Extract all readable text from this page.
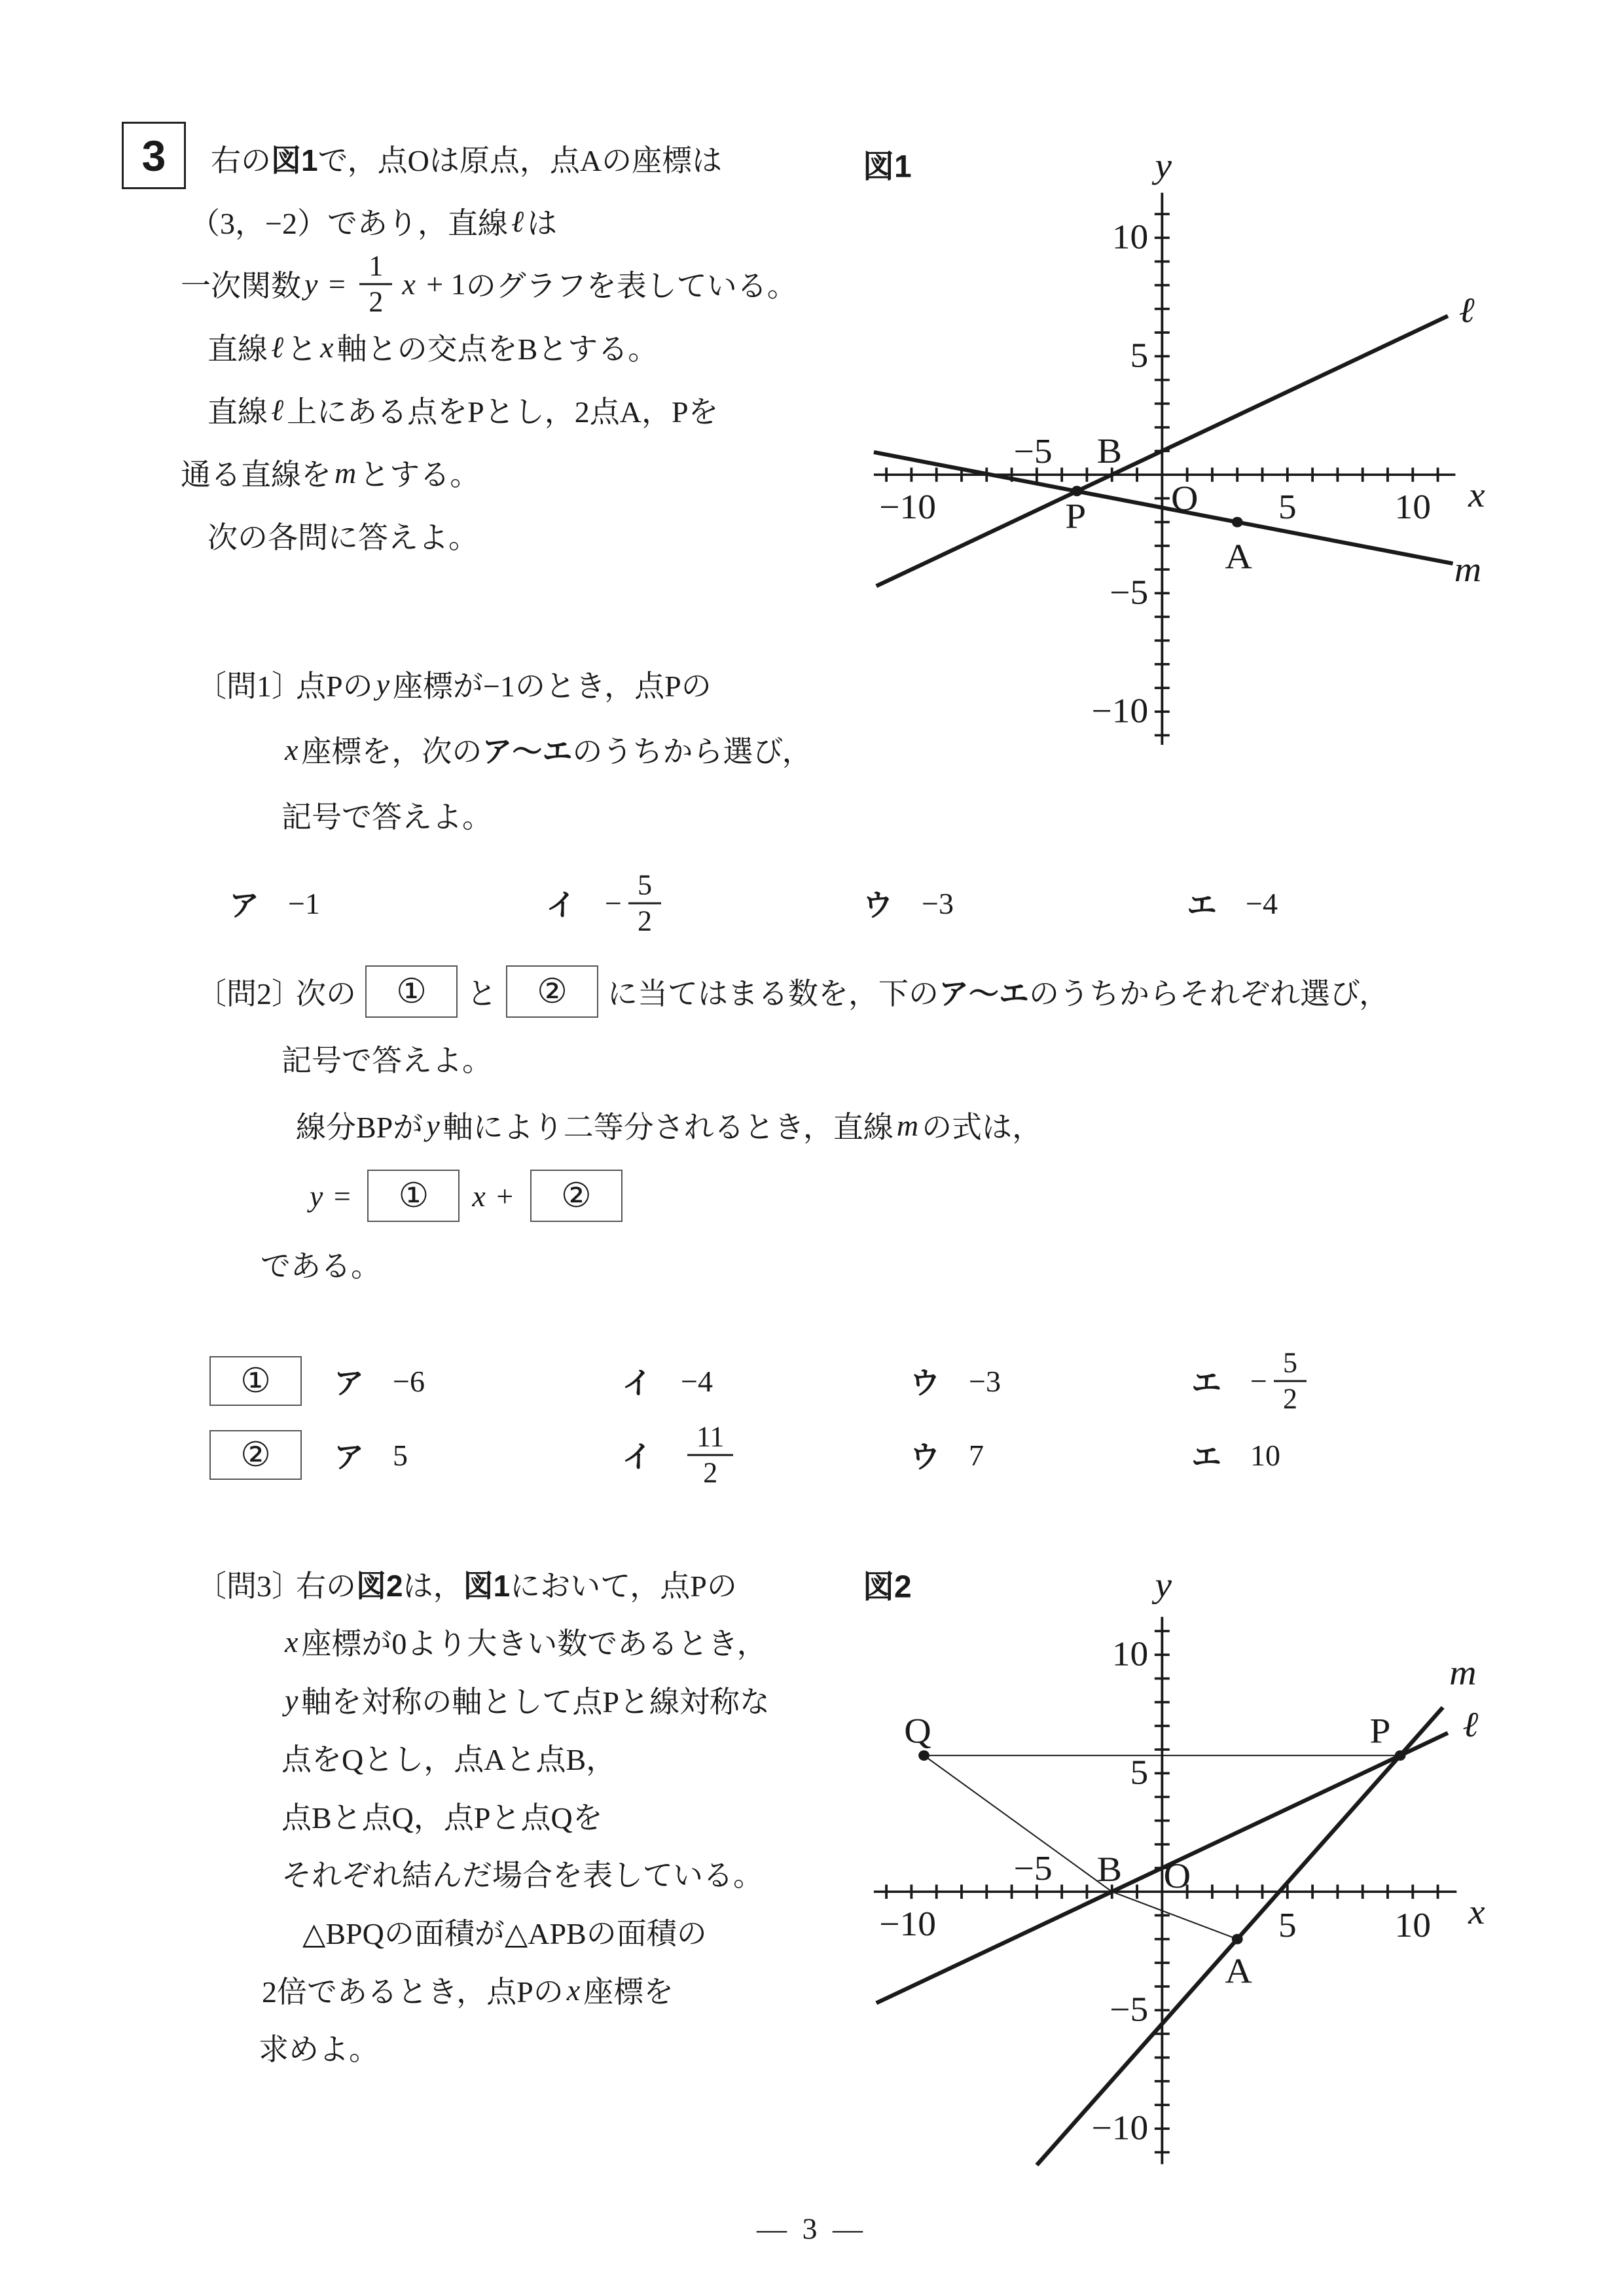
3 右の 図1 で，点Oは原点，点Aの座標は
（3，−2）であり，直線 ℓ は
一次関数 $y = \frac{1}{2}$ x + 1 のグラフを表している。
直線 ℓ と x 軸との交点をBとする。
直線 ℓ 上にある点をPとし，2点A，Pを
通る直線を m とする。
次の各問に答えよ。
図1
ℓ
m
B
P	O
A
10
5
−5
−10
−10
−5
5	10	x
y
〔問1〕
点Pの y 座標が−1のとき，点Pの
x 座標を，次の ア～エ のうちから選び，
記号で答えよ。
ア −1	イ − $\frac{5}{2}$	ウ −3	エ −4
〔問2〕
次の	①	と	②	に当てはまる数を，下の ア～エ のうちからそれぞれ選び，
記号で答えよ。
線分BPが y 軸により二等分されるとき，直線 m の式は，
y =	①	x +	②
である。
①	ア −6	イ −4	ウ −3	エ − $\frac{5}{2}$
②	ア 5	イ $\frac{11}{2}$	ウ 7	エ 10
〔問3〕
右の 図2 は， 図1 において，点Pの
x 座標が0より大きい数であるとき，
y 軸を対称の軸として点Pと線対称な
点をQとし，点Aと点B，
点Bと点Q，点Pと点Qを
それぞれ結んだ場合を表している。
△BPQの面積が△APBの面積の
2倍であるとき，点Pの x 座標を
求めよ。
図2
ℓ
m
Q	P
B	O
A
10
5
−5
−10
−10
−5
5	10	x
y
— 3 —
